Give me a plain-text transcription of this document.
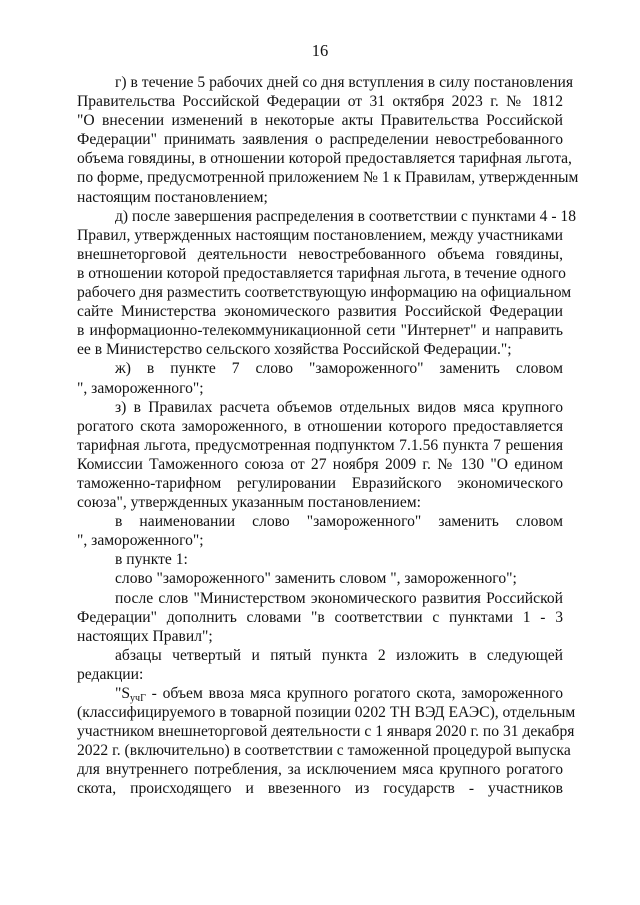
16
г) в течение 5 рабочих дней со дня вступления в силу постановления
Правительства Российской Федерации от 31 октября 2023 г. № 1812
"О внесении изменений в некоторые акты Правительства Российской
Федерации" принимать заявления о распределении невостребованного
объема говядины, в отношении которой предоставляется тарифная льгота,
по форме, предусмотренной приложением № 1 к Правилам, утвержденным
настоящим постановлением;
д) после завершения распределения в соответствии с пунктами 4 - 18
Правил, утвержденных настоящим постановлением, между участниками
внешнеторговой деятельности невостребованного объема говядины,
в отношении которой предоставляется тарифная льгота, в течение одного
рабочего дня разместить соответствующую информацию на официальном
сайте Министерства экономического развития Российской Федерации
в информационно-телекоммуникационной сети "Интернет" и направить
ее в Министерство сельского хозяйства Российской Федерации.";
ж) в пункте 7 слово "замороженного" заменить словом
", замороженного";
з) в Правилах расчета объемов отдельных видов мяса крупного
рогатого скота замороженного, в отношении которого предоставляется
тарифная льгота, предусмотренная подпунктом 7.1.56 пункта 7 решения
Комиссии Таможенного союза от 27 ноября 2009 г. № 130 "О едином
таможенно-тарифном регулировании Евразийского экономического
союза", утвержденных указанным постановлением:
в наименовании слово "замороженного" заменить словом
", замороженного";
в пункте 1:
слово "замороженного" заменить словом ", замороженного";
после слов "Министерством экономического развития Российской
Федерации" дополнить словами "в соответствии с пунктами 1 - 3
настоящих Правил";
абзацы четвертый и пятый пункта 2 изложить в следующей
редакции:
"$S_{учГ}$ - объем ввоза мяса крупного рогатого скота, замороженного
(классифицируемого в товарной позиции 0202 ТН ВЭД ЕАЭС), отдельным
участником внешнеторговой деятельности с 1 января 2020 г. по 31 декабря
2022 г. (включительно) в соответствии с таможенной процедурой выпуска
для внутреннего потребления, за исключением мяса крупного рогатого
скота, происходящего и ввезенного из государств - участников
